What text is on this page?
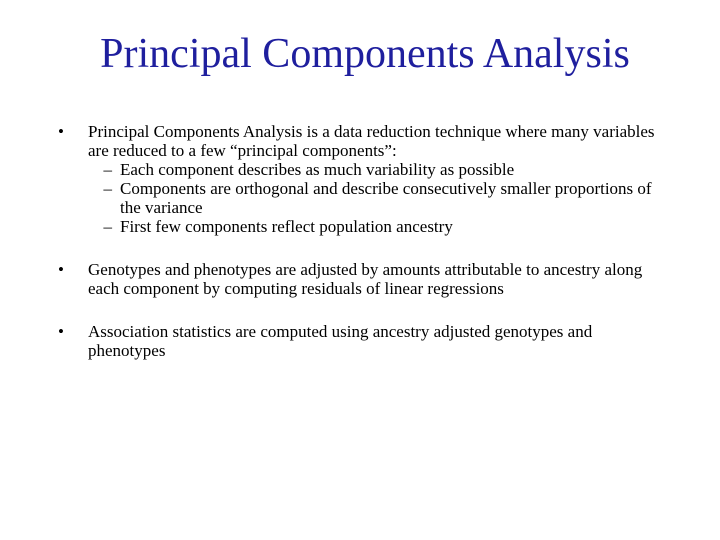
Principal Components Analysis
•	Principal Components Analysis is a data reduction technique where many variables are reduced to a few “principal components”:
– Each component describes as much variability as possible
– Components are orthogonal and describe consecutively smaller proportions of the variance
– First few components reflect population ancestry
•	Genotypes and phenotypes are adjusted by amounts attributable to ancestry along each component by computing residuals of linear regressions
•	Association statistics are computed using ancestry adjusted genotypes and phenotypes
